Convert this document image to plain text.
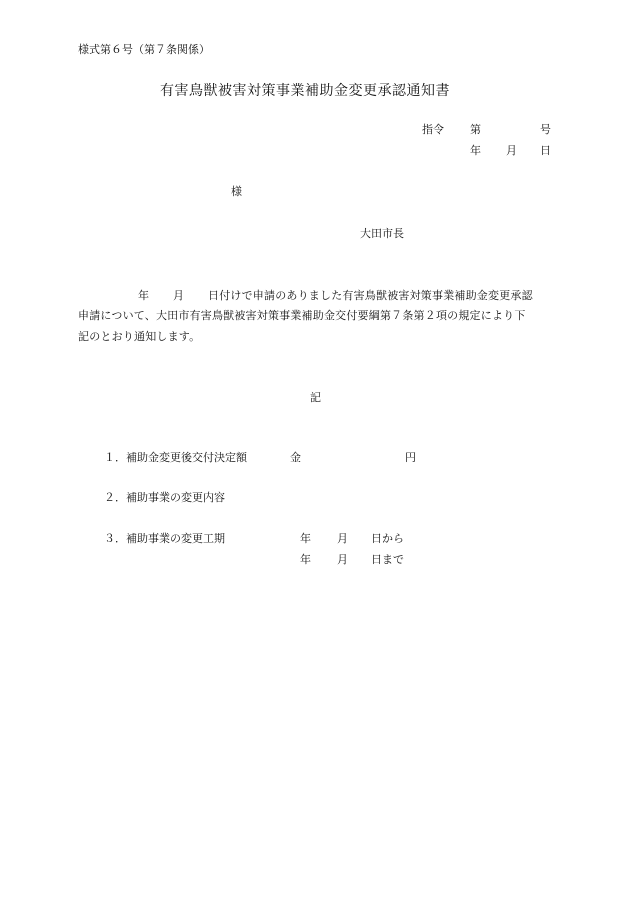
様式第６号（第７条関係）
有害鳥獣被害対策事業補助金変更承認通知書
指令 第	号
年 月 日
様
大田市長
年 月 日付けで申請のありました有害鳥獣被害対策事業補助金変更承認
申請について、大田市有害鳥獣被害対策事業補助金交付要綱第７条第２項の規定により下
記のとおり通知します。
記
１．補助金変更後交付決定額	金	円
２．補助事業の変更内容
３．補助事業の変更工期	年 月 日から
年 月 日まで
